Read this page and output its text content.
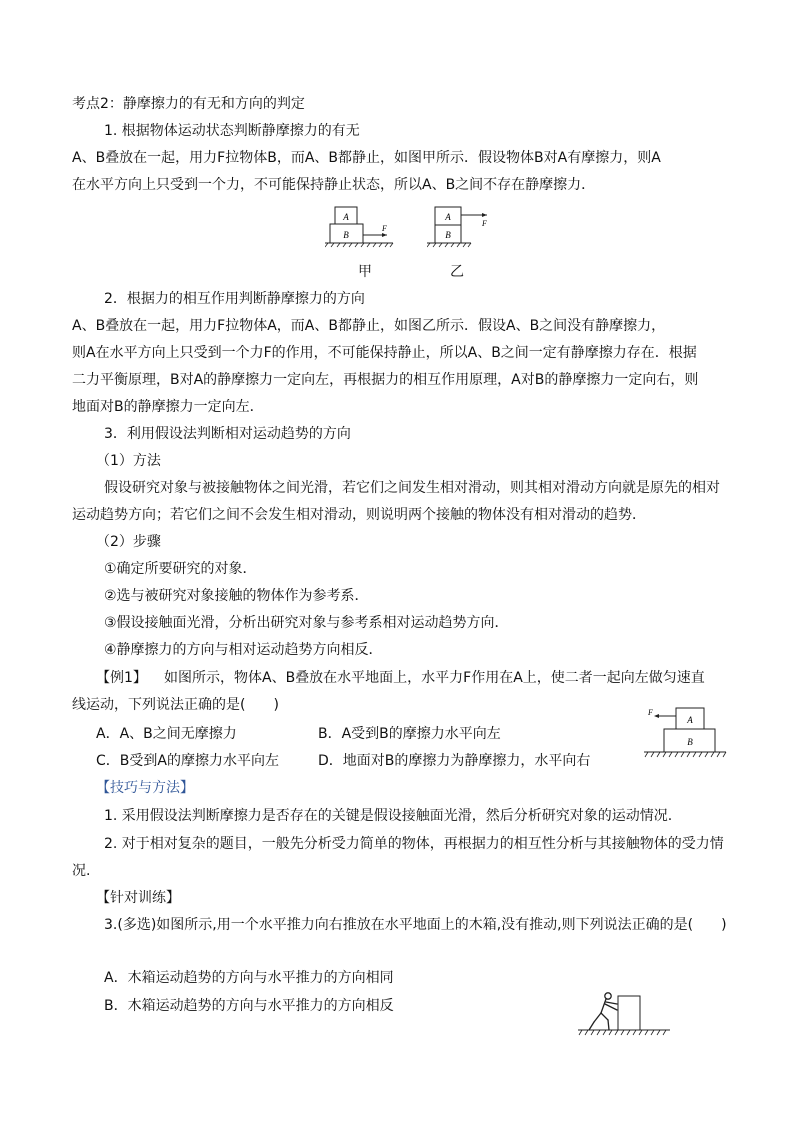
考点2：静摩擦力的有无和方向的判定
1. 根据物体运动状态判断静摩擦力的有无
A、B叠放在一起，用力F拉物体B，而A、B都静止，如图甲所示．假设物体B对A有摩擦力，则A
在水平方向上只受到一个力，不可能保持静止状态，所以A、B之间不存在静摩擦力．
A
B
F
A
B
F
甲	乙
2．根据力的相互作用判断静摩擦力的方向
A、B叠放在一起，用力F拉物体A，而A、B都静止，如图乙所示．假设A、B之间没有静摩擦力，
则A在水平方向上只受到一个力F的作用，不可能保持静止，所以A、B之间一定有静摩擦力存在．根据
二力平衡原理，B对A的静摩擦力一定向左，再根据力的相互作用原理，A对B的静摩擦力一定向右，则
地面对B的静摩擦力一定向左．
3．利用假设法判断相对运动趋势的方向
（1）方法
假设研究对象与被接触物体之间光滑，若它们之间发生相对滑动，则其相对滑动方向就是原先的相对
运动趋势方向；若它们之间不会发生相对滑动，则说明两个接触的物体没有相对滑动的趋势．
（2）步骤
①确定所要研究的对象．
②选与被研究对象接触的物体作为参考系．
③假设接触面光滑，分析出研究对象与参考系相对运动趋势方向．
④静摩擦力的方向与相对运动趋势方向相反．
【例1】 如图所示，物体A、B叠放在水平地面上，水平力F作用在A上，使二者一起向左做匀速直
线运动，下列说法正确的是(　　)
A．A、B之间无摩擦力	B．A受到B的摩擦力水平向左
C．B受到A的摩擦力水平向左	D．地面对B的摩擦力为静摩擦力，水平向右
A
B
F
【技巧与方法】
1. 采用假设法判断摩擦力是否存在的关键是假设接触面光滑，然后分析研究对象的运动情况.
2. 对于相对复杂的题目，一般先分析受力简单的物体，再根据力的相互性分析与其接触物体的受力情
况.
【针对训练】
3.(多选)如图所示,用一个水平推力向右推放在水平地面上的木箱,没有推动,则下列说法正确的是(　　)
A．木箱运动趋势的方向与水平推力的方向相同
B．木箱运动趋势的方向与水平推力的方向相反
